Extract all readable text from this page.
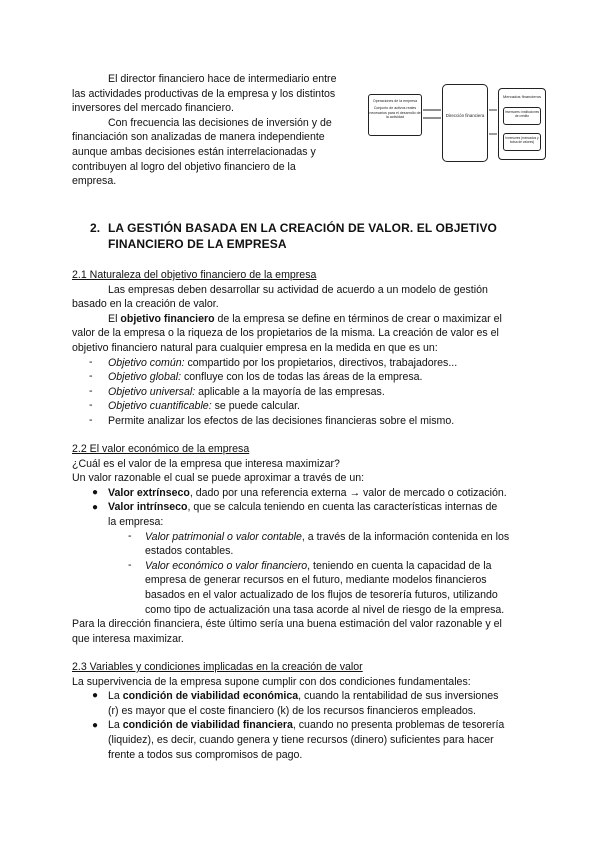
El director financiero hace de intermediario entre
las actividades productivas de la empresa y los distintos
inversores del mercado financiero.
Con frecuencia las decisiones de inversión y de
financiación son analizadas de manera independiente
aunque ambas decisiones están interrelacionadas y
contribuyen al logro del objetivo financiero de la
empresa.
Operaciones de la empresa
Conjunto de activos reales necesarios para el desarrollo de la actividad	Dirección financiera
Mercados financieros
Inversores: instituciones de crédito
Inversores (mercados y bolsa de valores)
2. LA GESTIÓN BASADA EN LA CREACIÓN DE VALOR. EL OBJETIVO
FINANCIERO DE LA EMPRESA
2.1 Naturaleza del objetivo financiero de la empresa
Las empresas deben desarrollar su actividad de acuerdo a un modelo de gestión
basado en la creación de valor.
El objetivo financiero de la empresa se define en términos de crear o maximizar el
valor de la empresa o la riqueza de los propietarios de la misma. La creación de valor es el
objetivo financiero natural para cualquier empresa en la medida en que es un:
- Objetivo común: compartido por los propietarios, directivos, trabajadores...
- Objetivo global: confluye con los de todas las áreas de la empresa.
- Objetivo universal: aplicable a la mayoría de las empresas.
- Objetivo cuantificable: se puede calcular.
- Permite analizar los efectos de las decisiones financieras sobre el mismo.
2.2 El valor económico de la empresa
¿Cuál es el valor de la empresa que interesa maximizar?
Un valor razonable el cual se puede aproximar a través de un:
● Valor extrínseco, dado por una referencia externa → valor de mercado o cotización.
● Valor intrínseco, que se calcula teniendo en cuenta las características internas de
la empresa:
- Valor patrimonial o valor contable, a través de la información contenida en los
estados contables.
- Valor económico o valor financiero, teniendo en cuenta la capacidad de la
empresa de generar recursos en el futuro, mediante modelos financieros
basados en el valor actualizado de los flujos de tesorería futuros, utilizando
como tipo de actualización una tasa acorde al nivel de riesgo de la empresa.
Para la dirección financiera, éste último sería una buena estimación del valor razonable y el
que interesa maximizar.
2.3 Variables y condiciones implicadas en la creación de valor
La supervivencia de la empresa supone cumplir con dos condiciones fundamentales:
● La condición de viabilidad económica, cuando la rentabilidad de sus inversiones
(r) es mayor que el coste financiero (k) de los recursos financieros empleados.
● La condición de viabilidad financiera, cuando no presenta problemas de tesorería
(liquidez), es decir, cuando genera y tiene recursos (dinero) suficientes para hacer
frente a todos sus compromisos de pago.
